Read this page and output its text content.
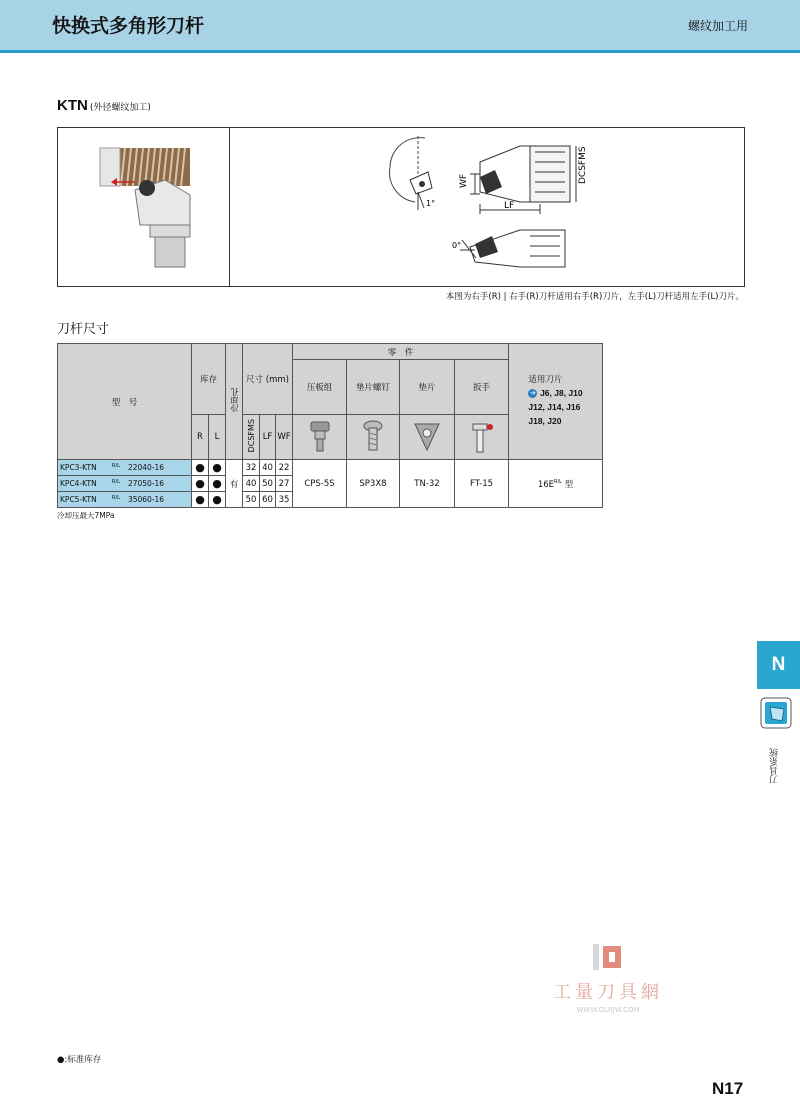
快换式多角形刀杆	螺纹加工用
KTN (外径螺纹加工)
1°
WF
LF
DCSFMS
0°
本图为右手(R) | 右手(R)刀杆适用右手(R)刀片，左手(L)刀杆适用左手(L)刀片。
刀杆尺寸
型　号	库存		冷却孔	尺寸 (mm)			零　件				适用刀片
➔ J6, J8, J10
J12, J14, J16
J18, J20
							压板组	垫片螺钉	垫片	扳手	
	R	L		DCSFMS	LF	WF				
KPC3-KTN $^{R/L}$ 22040-16	●	●	有	32	40	22	CPS-5S	SP3X8	TN-32	FT-15	$16E^{R/L}$ 型
KPC4-KTN $^{R/L}$ 27050-16	●	●		40	50	27					
KPC5-KTN $^{R/L}$ 35060-16	●	●		50	60	35					
冷却压最大7MPa
N
刀具系统
工量刀具網
WWW.GLRJW.COM
●:标准库存
N17
